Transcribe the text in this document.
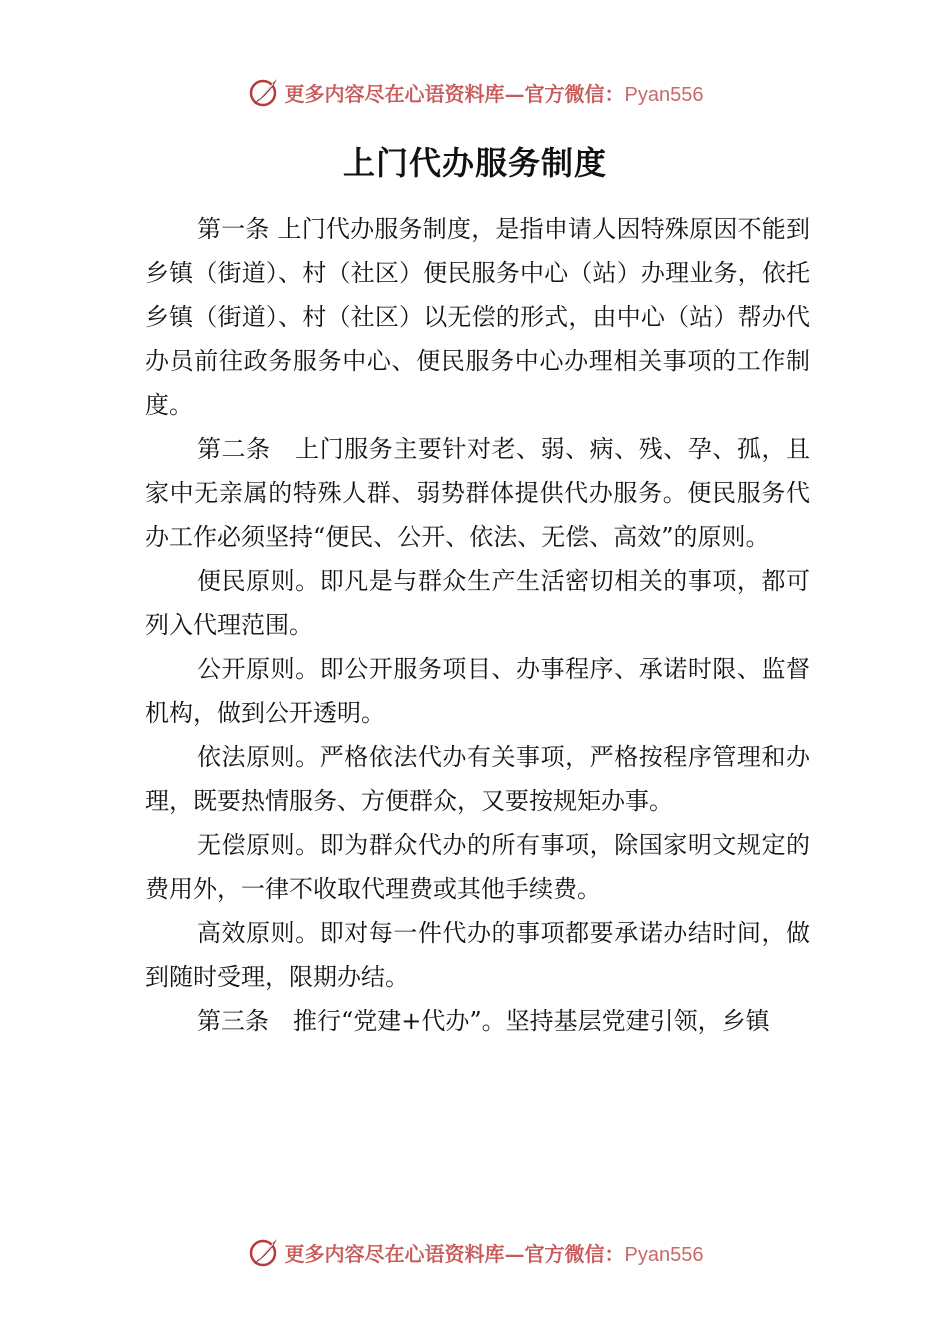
更多内容尽在心语资料库—官方微信：Pyan556
上门代办服务制度

第一条 上门代办服务制度，是指申请人因特殊原因不能到乡镇（街道）、村（社区）便民服务中心（站）办理业务，依托乡镇（街道）、村（社区）以无偿的形式，由中心（站）帮办代办员前往政务服务中心、便民服务中心办理相关事项的工作制度。

第二条　上门服务主要针对老、弱、病、残、孕、孤，且家中无亲属的特殊人群、弱势群体提供代办服务。便民服务代办工作必须坚持“便民、公开、依法、无偿、高效”的原则。

便民原则。即凡是与群众生产生活密切相关的事项，都可列入代理范围。

公开原则。即公开服务项目、办事程序、承诺时限、监督机构，做到公开透明。

依法原则。严格依法代办有关事项，严格按程序管理和办理，既要热情服务、方便群众，又要按规矩办事。

无偿原则。即为群众代办的所有事项，除国家明文规定的费用外，一律不收取代理费或其他手续费。

高效原则。即对每一件代办的事项都要承诺办结时间，做到随时受理，限期办结。

第三条　推行“党建+代办”。坚持基层党建引领，乡镇

更多内容尽在心语资料库—官方微信：Pyan556
